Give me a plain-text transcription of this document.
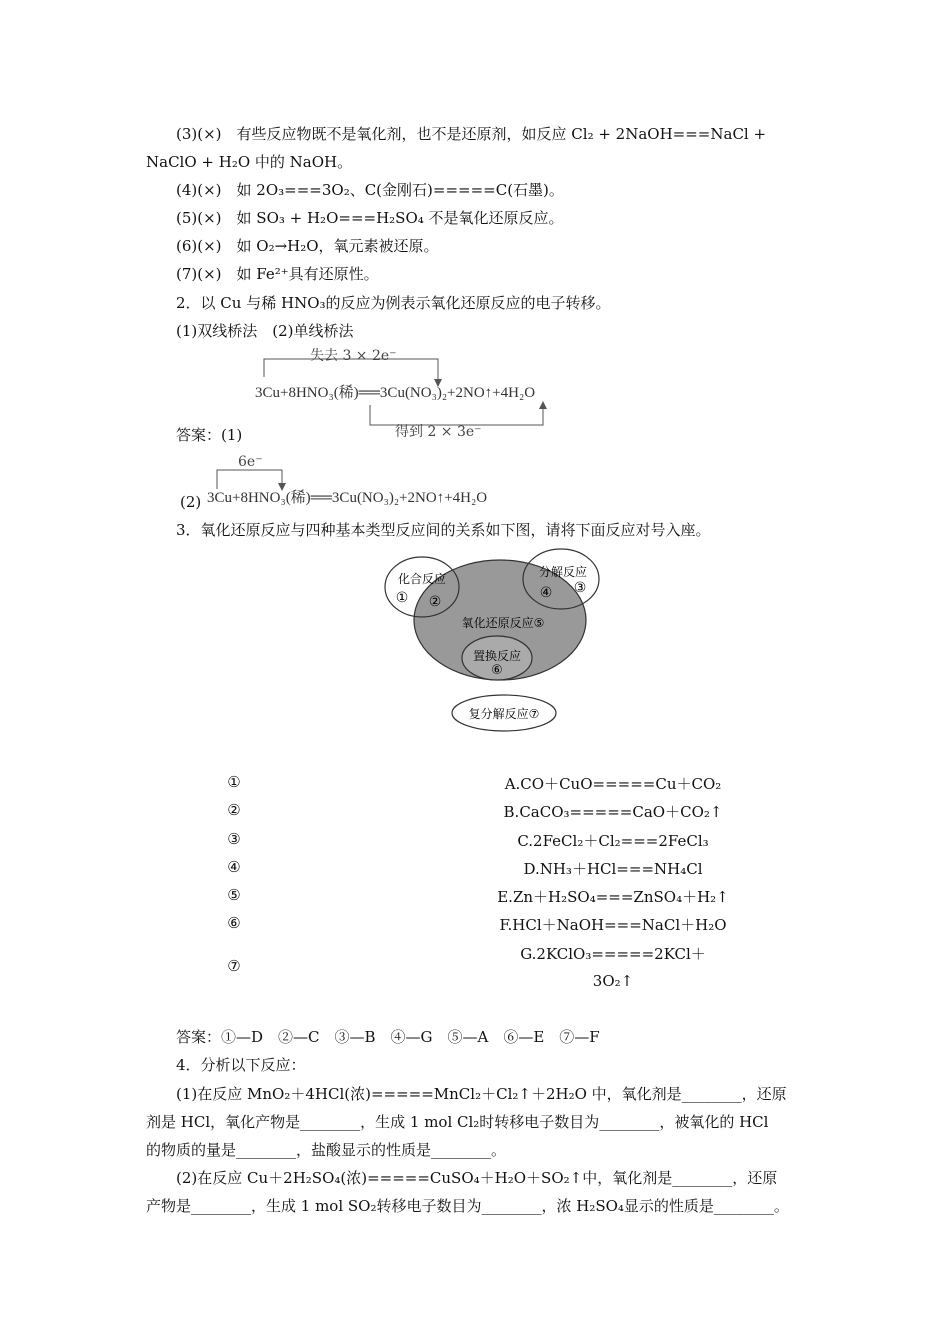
(3)(×)　有些反应物既不是氧化剂，也不是还原剂，如反应 Cl₂ + 2NaOH===NaCl +
NaClO + H₂O 中的 NaOH。
(4)(×)　如 2O₃===3O₂、C(金刚石)=====C(石墨)。
(5)(×)　如 SO₃ + H₂O===H₂SO₄ 不是氧化还原反应。
(6)(×)　如 O₂→H₂O，氧元素被还原。
(7)(×)　如 Fe²⁺具有还原性。
2．以 Cu 与稀 HNO₃的反应为例表示氧化还原反应的电子转移。
(1)双线桥法　(2)单线桥法
失去 3 × 2e⁻
3Cu+8HNO₃(稀)══3Cu(NO₃)₂+2NO↑+4H₂O
得到 2 × 3e⁻
答案：(1)
6e⁻
(2) 3Cu+8HNO₃(稀)══3Cu(NO₃)₂+2NO↑+4H₂O
3．氧化还原反应与四种基本类型反应间的关系如下图，请将下面反应对号入座。
化合反应
① ②
分解反应
③
④
氧化还原反应⑤
置换反应
⑥
复分解反应⑦
①
②
③
④
⑤
⑥
⑦
A.CO＋CuO=====Cu＋CO₂
B.CaCO₃=====CaO＋CO₂↑
C.2FeCl₂＋Cl₂===2FeCl₃
D.NH₃＋HCl===NH₄Cl
E.Zn＋H₂SO₄===ZnSO₄＋H₂↑
F.HCl＋NaOH===NaCl＋H₂O
G.2KClO₃=====2KCl＋
3O₂↑
答案：①—D　②—C　③—B　④—G　⑤—A　⑥—E　⑦—F
4．分析以下反应：
(1)在反应 MnO₂＋4HCl(浓)=====MnCl₂＋Cl₂↑＋2H₂O 中，氧化剂是________，还原
剂是 HCl，氧化产物是________，生成 1 mol Cl₂时转移电子数目为________，被氧化的 HCl
的物质的量是________，盐酸显示的性质是________。
(2)在反应 Cu＋2H₂SO₄(浓)=====CuSO₄＋H₂O＋SO₂↑中，氧化剂是________，还原
产物是________，生成 1 mol SO₂转移电子数目为________，浓 H₂SO₄显示的性质是________。
